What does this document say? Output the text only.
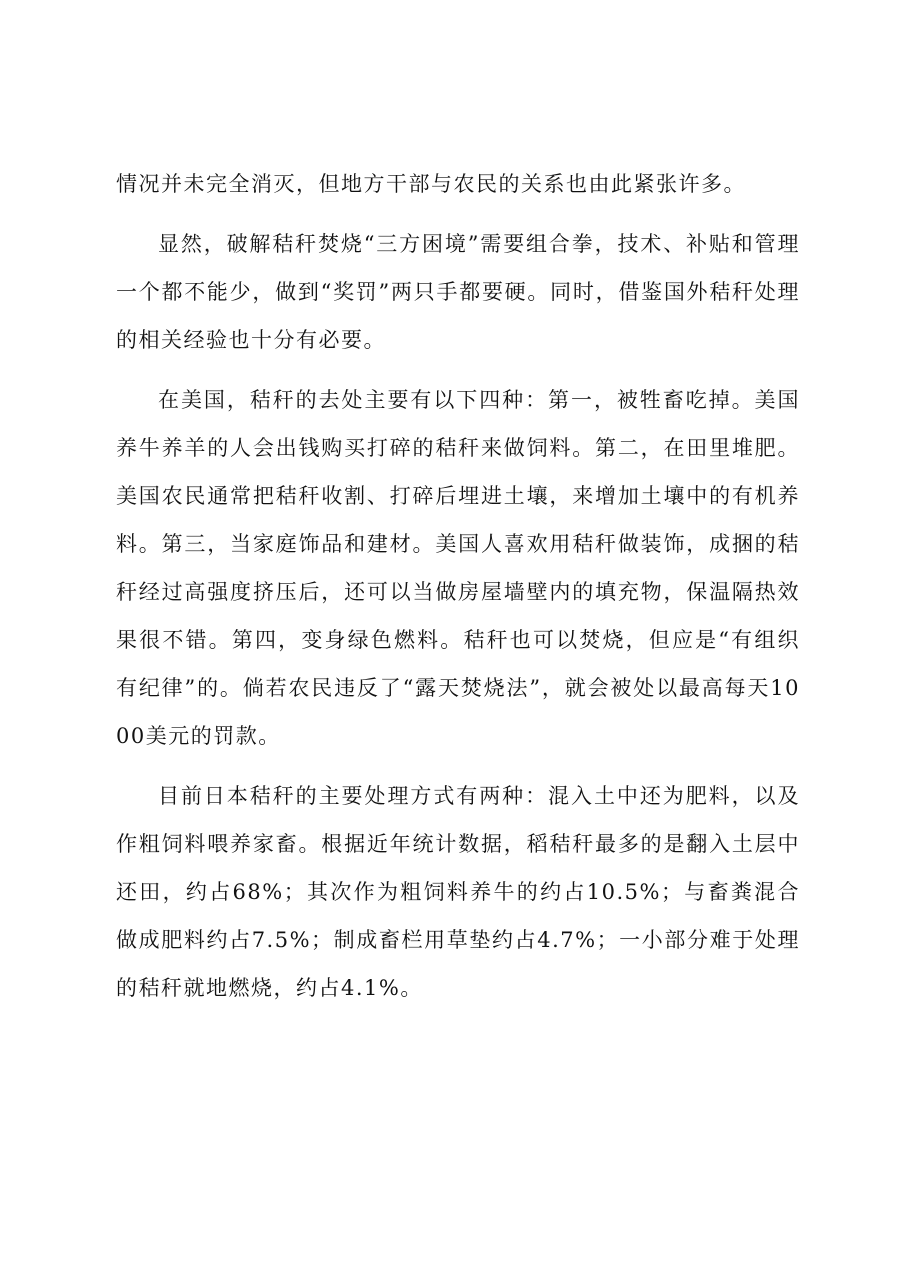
情况并未完全消灭，但地方干部与农民的关系也由此紧张许多。

显然，破解秸秆焚烧“三方困境”需要组合拳，技术、补贴和管理一个都不能少，做到“奖罚”两只手都要硬。同时，借鉴国外秸秆处理的相关经验也十分有必要。

在美国，秸秆的去处主要有以下四种：第一，被牲畜吃掉。美国养牛养羊的人会出钱购买打碎的秸秆来做饲料。第二，在田里堆肥。美国农民通常把秸秆收割、打碎后埋进土壤，来增加土壤中的有机养料。第三，当家庭饰品和建材。美国人喜欢用秸秆做装饰，成捆的秸秆经过高强度挤压后，还可以当做房屋墙壁内的填充物，保温隔热效果很不错。第四，变身绿色燃料。秸秆也可以焚烧，但应是“有组织有纪律”的。倘若农民违反了“露天焚烧法”，就会被处以最高每天1000美元的罚款。

目前日本秸秆的主要处理方式有两种：混入土中还为肥料，以及作粗饲料喂养家畜。根据近年统计数据，稻秸秆最多的是翻入土层中还田，约占68%；其次作为粗饲料养牛的约占10.5%；与畜粪混合做成肥料约占7.5%；制成畜栏用草垫约占4.7%；一小部分难于处理的秸秆就地燃烧，约占4.1%。
